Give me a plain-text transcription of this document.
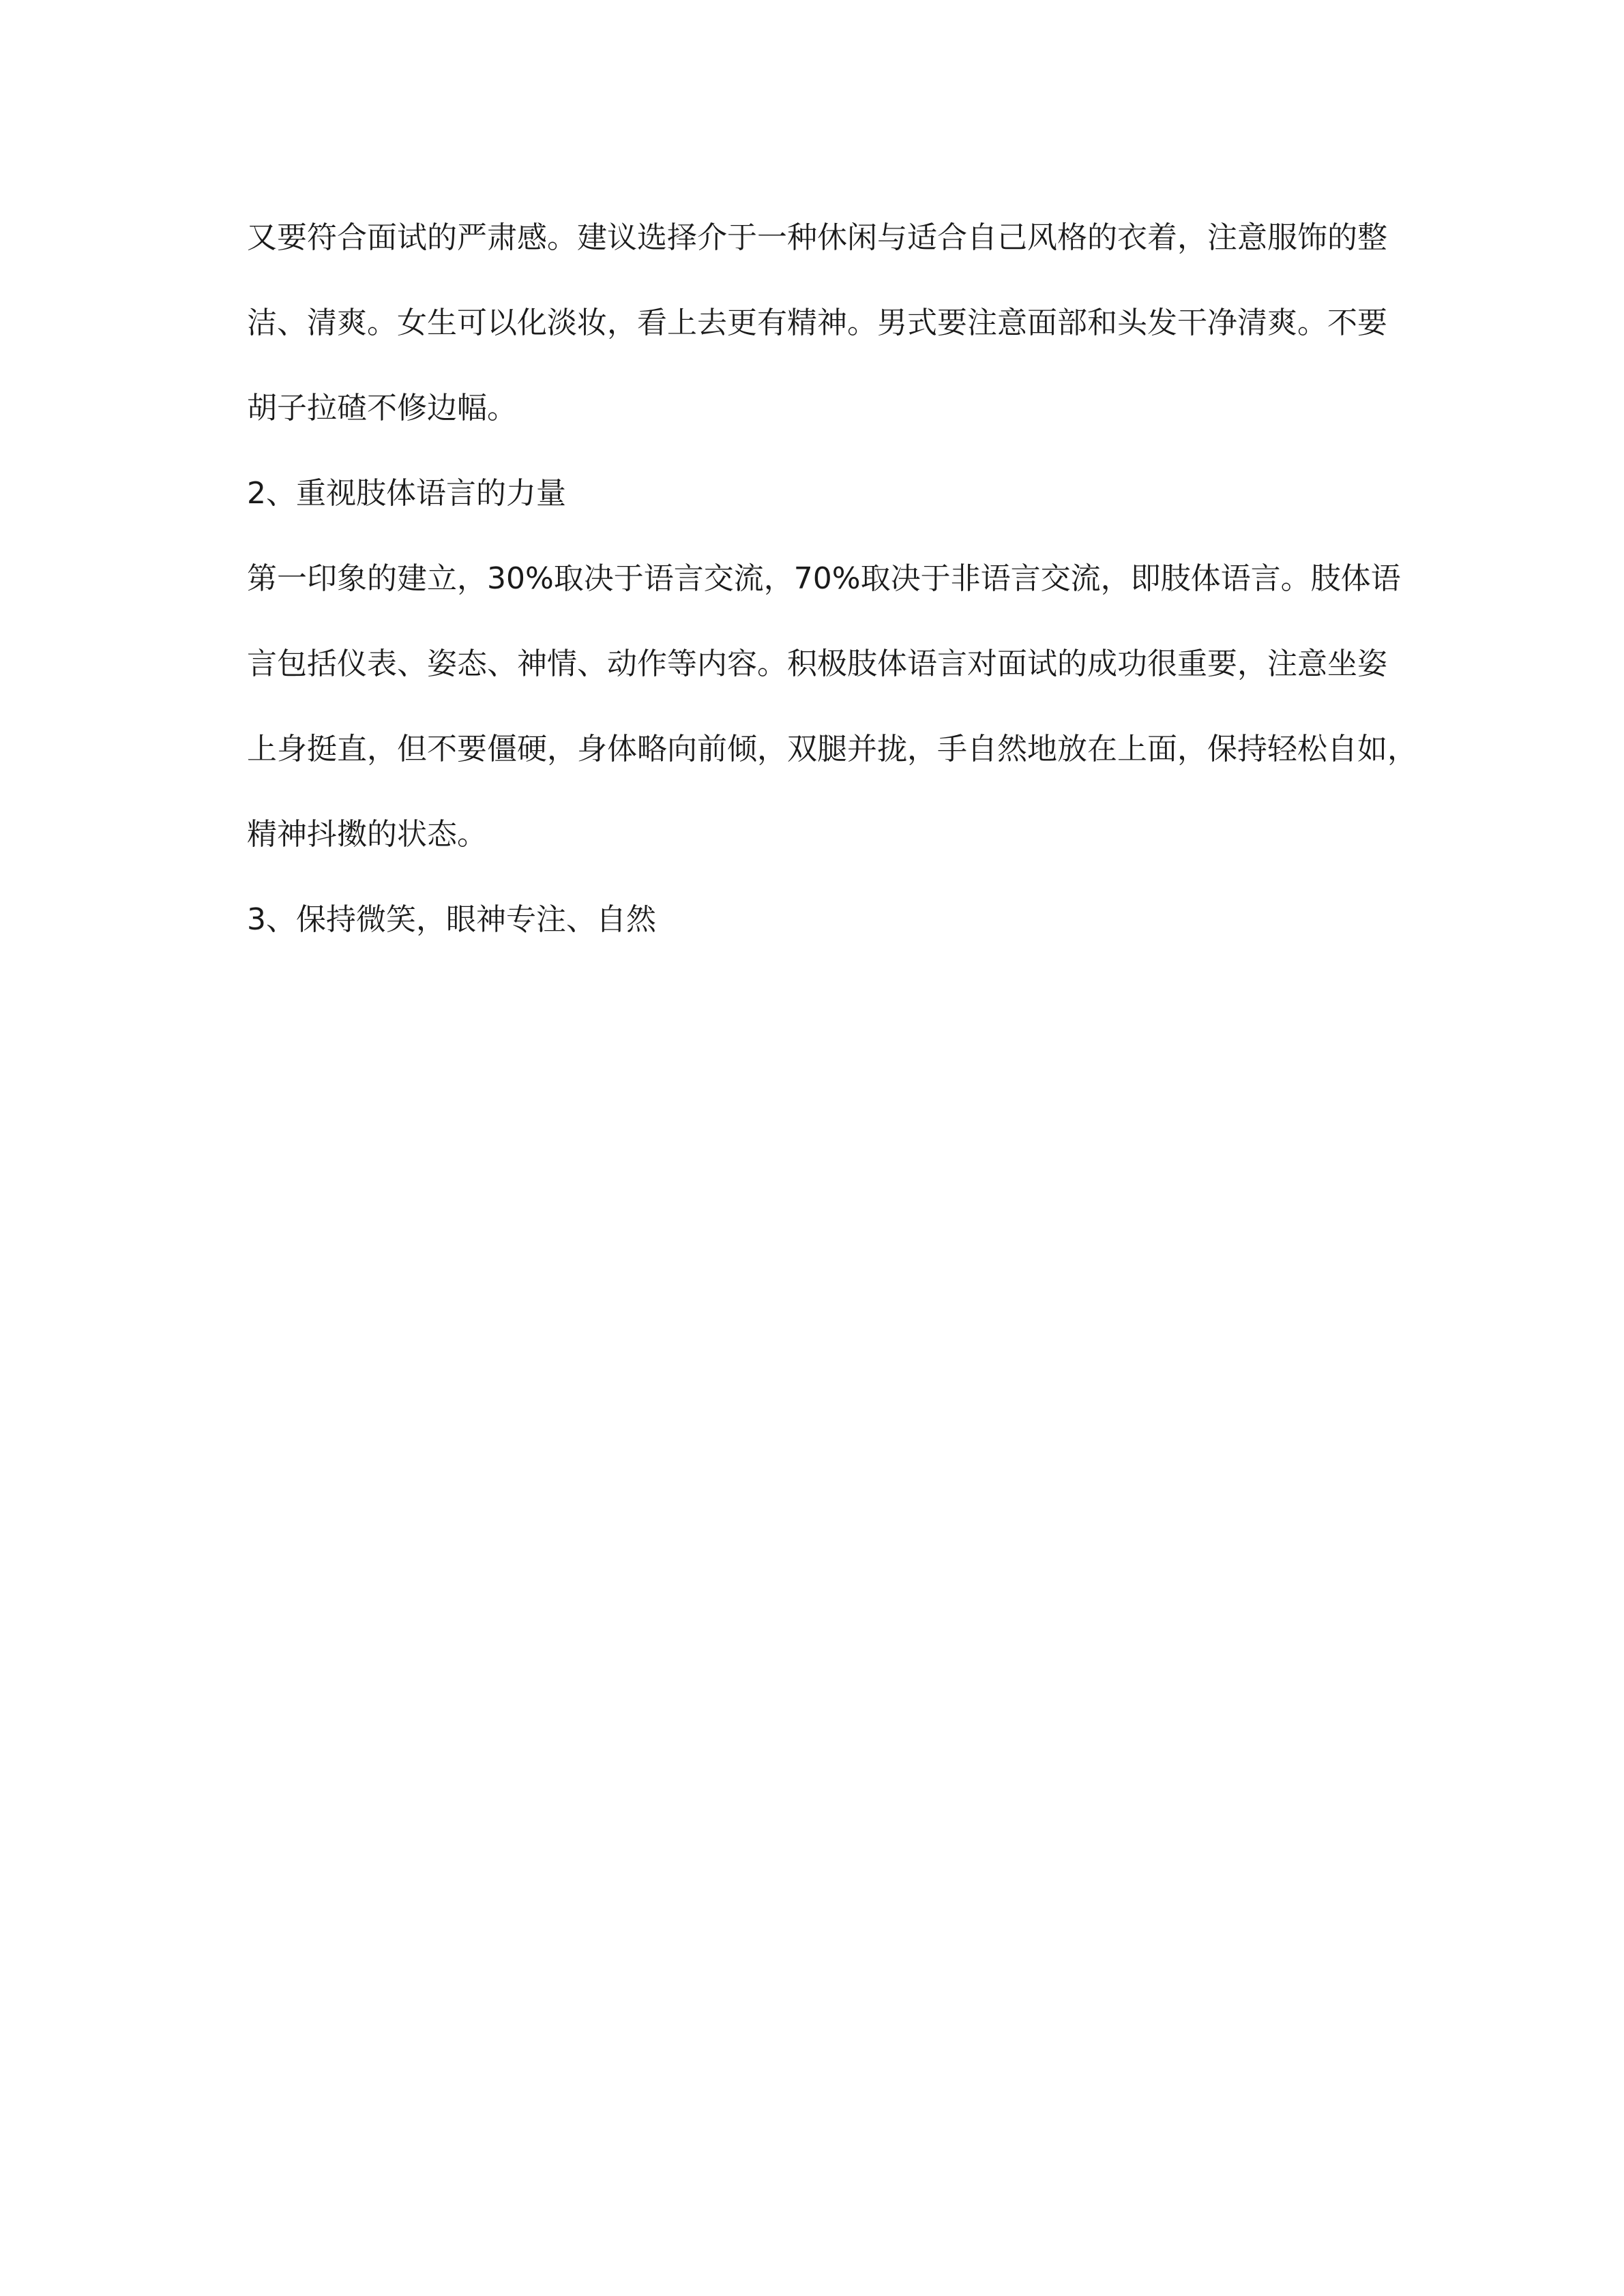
又要符合面试的严肃感。建议选择介于一种休闲与适合自己风格的衣着，注意服饰的整
洁、清爽。女生可以化淡妆，看上去更有精神。男式要注意面部和头发干净清爽。不要
胡子拉碴不修边幅。
2、重视肢体语言的力量
第一印象的建立，30%取决于语言交流，70%取决于非语言交流，即肢体语言。肢体语
言包括仪表、姿态、神情、动作等内容。积极肢体语言对面试的成功很重要，注意坐姿
上身挺直，但不要僵硬，身体略向前倾，双腿并拢，手自然地放在上面，保持轻松自如，
精神抖擞的状态。
3、保持微笑，眼神专注、自然
